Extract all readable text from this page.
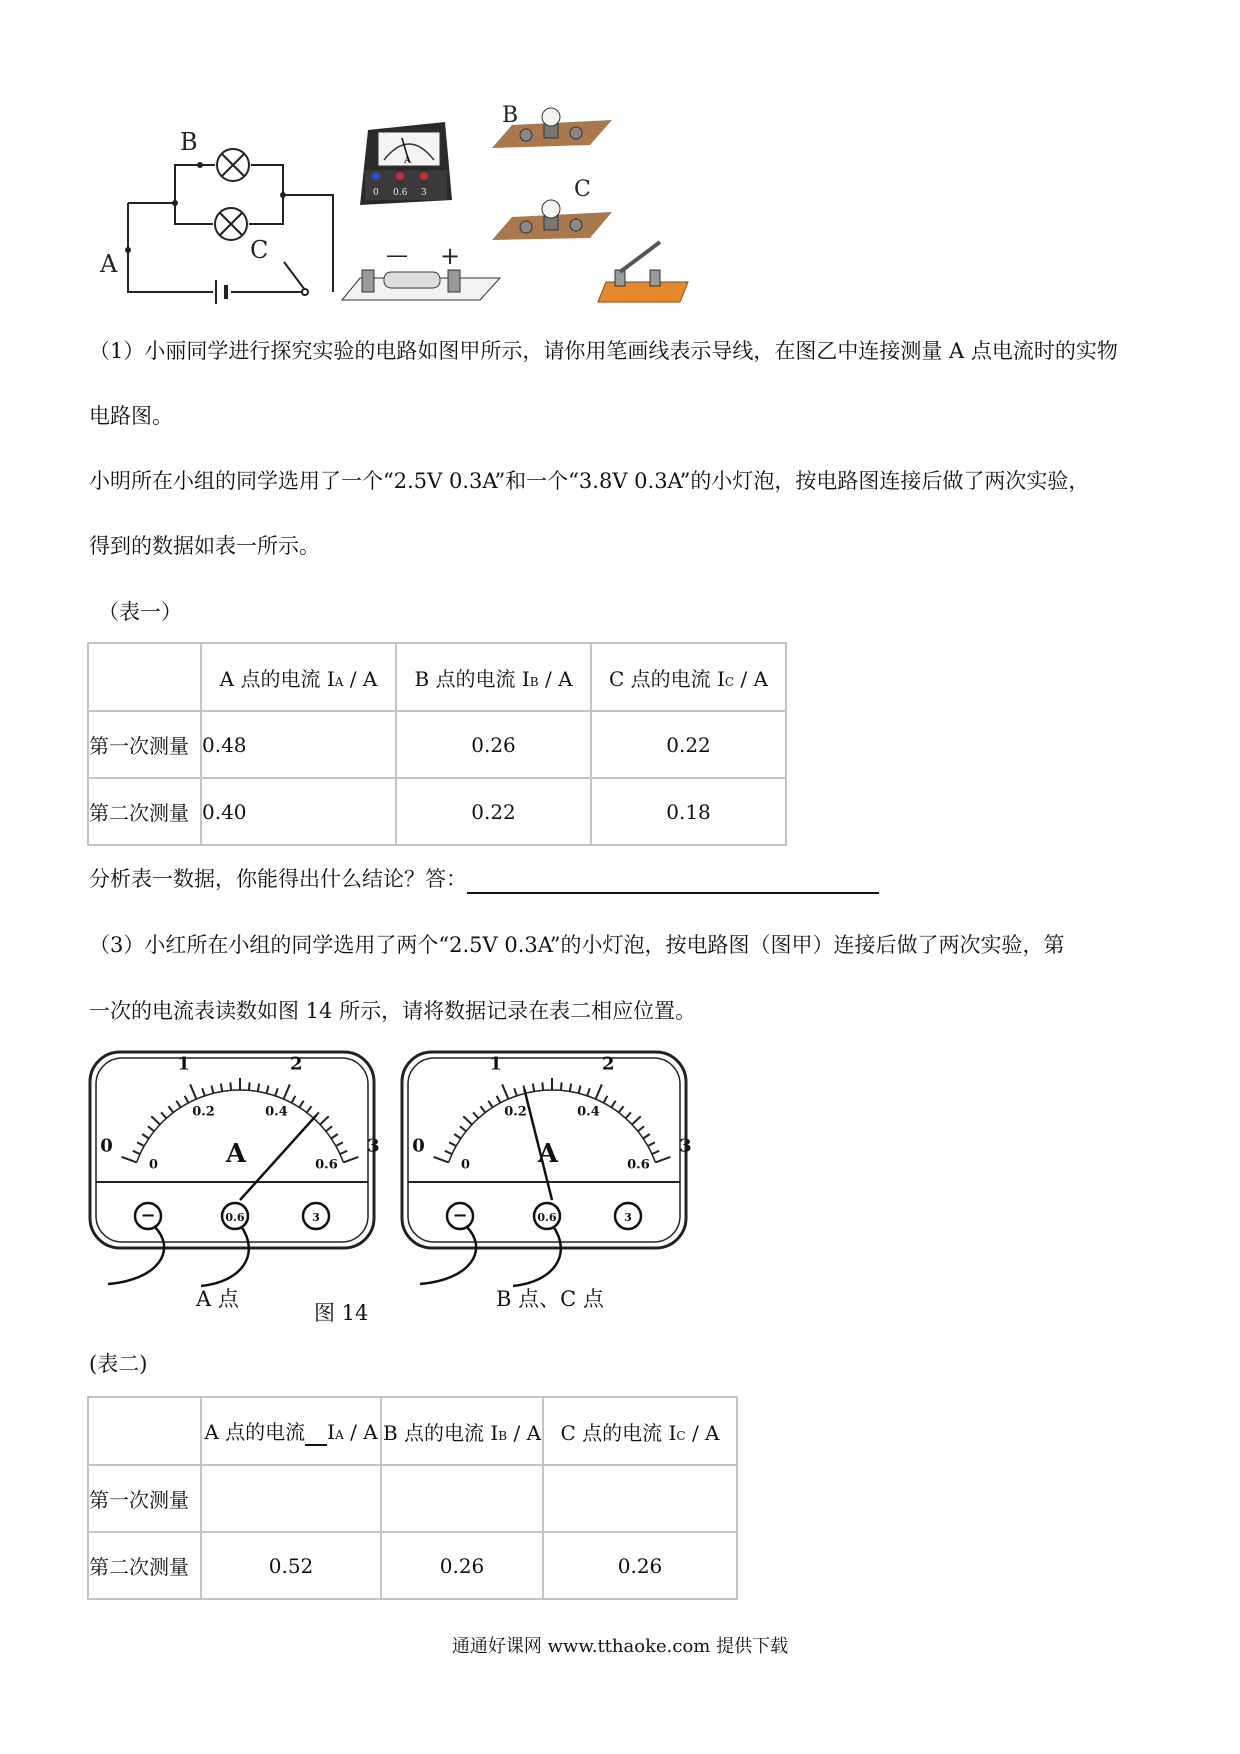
A
B
C
A
0 0.6 3
B
C
— +
（1）小丽同学进行探究实验的电路如图甲所示，请你用笔画线表示导线，在图乙中连接测量 A 点电流时的实物
电路图。
小明所在小组的同学选用了一个“2.5V 0.3A”和一个“3.8V 0.3A”的小灯泡，按电路图连接后做了两次实验，
得到的数据如表一所示。
（表一）
	A 点的电流 IA / A	B 点的电流 IB / A	C 点的电流 IC / A
第一次测量	0.48	0.26	0.22
第二次测量	0.40	0.22	0.18
分析表一数据，你能得出什么结论？答：
（3）小红所在小组的同学选用了两个“2.5V 0.3A”的小灯泡，按电路图（图甲）连接后做了两次实验，第
一次的电流表读数如图 14 所示，请将数据记录在表二相应位置。
0
1	2
3
0
0.2	0.4
0.6
A
−	0.6	3
0
1	2
3
0
0.2	0.4
0.6
A
−	0.6	3
A 点
图 14
B 点、C 点
(表二)
	A 点的电流 IA / A	B 点的电流 IB / A	C 点的电流 IC / A
第一次测量			
第二次测量	0.52	0.26	0.26
通通好课网 www.tthaoke.com 提供下载
